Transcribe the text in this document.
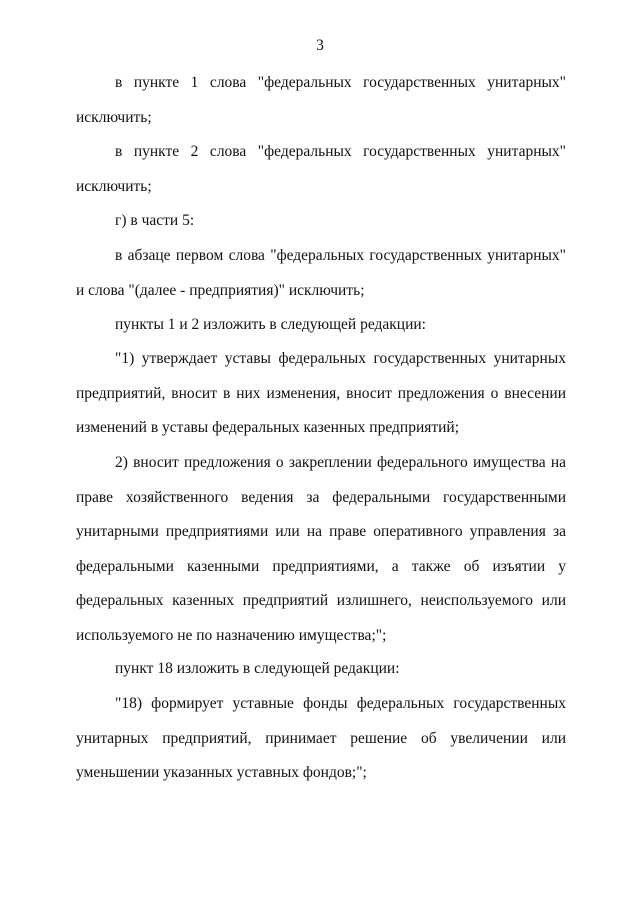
3

в пункте 1 слова "федеральных государственных унитарных" исключить;

в пункте 2 слова "федеральных государственных унитарных" исключить;

г) в части 5:

в абзаце первом слова "федеральных государственных унитарных" и слова "(далее - предприятия)" исключить;

пункты 1 и 2 изложить в следующей редакции:

"1) утверждает уставы федеральных государственных унитарных предприятий, вносит в них изменения, вносит предложения о внесении изменений в уставы федеральных казенных предприятий;

2) вносит предложения о закреплении федерального имущества на праве хозяйственного ведения за федеральными государственными унитарными предприятиями или на праве оперативного управления за федеральными казенными предприятиями, а также об изъятии у федеральных казенных предприятий излишнего, неиспользуемого или используемого не по назначению имущества;";

пункт 18 изложить в следующей редакции:

"18) формирует уставные фонды федеральных государственных унитарных предприятий, принимает решение об увеличении или уменьшении указанных уставных фондов;";
